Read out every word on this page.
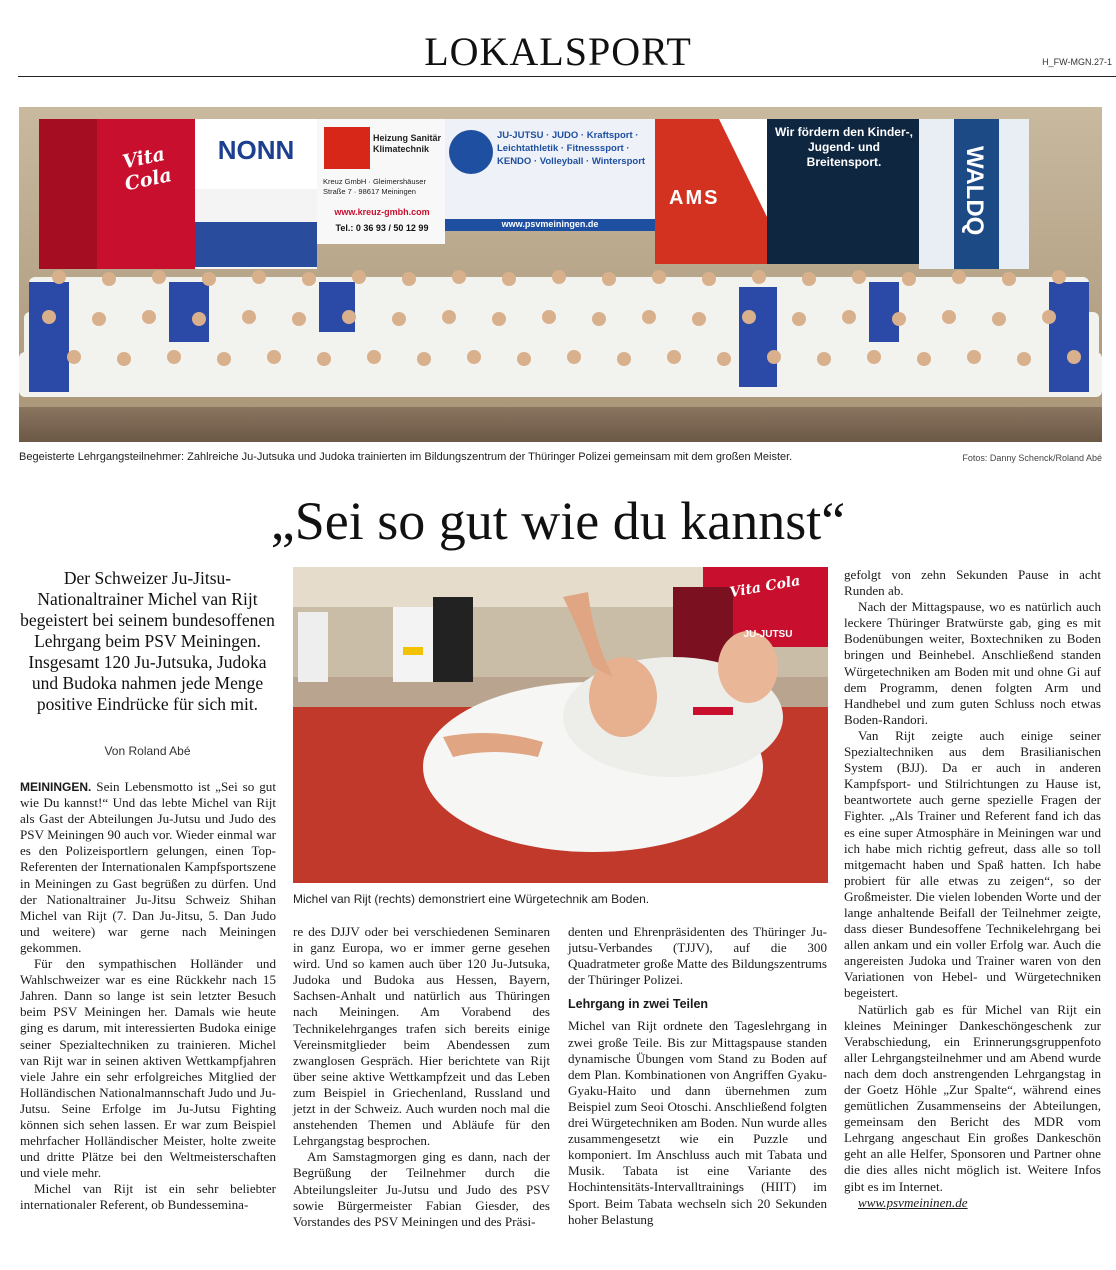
LOKALSPORT	H_FW-MGN.27-1
Vita Cola
NONN	Heizung Sanitär Klimatechnik
Kreuz GmbH · Gleimershäuser Straße 7 · 98617 Meiningen
www.kreuz-gmbh.com
Tel.: 0 36 93 / 50 12 99
JU-JUTSU · JUDO · Kraftsport · Leichtathletik · Fitnesssport · KENDO · Volleyball · Wintersport
www.psvmeiningen.de
AMS
Wir fördern den Kinder-, Jugend- und Breitensport.	WALDQ
Begeisterte Lehrgangsteilnehmer: Zahlreiche Ju-Jutsuka und Judoka trainierten im Bildungszentrum der Thüringer Polizei gemeinsam mit dem großen Meister.	Fotos: Danny Schenck/Roland Abé
„Sei so gut wie du kannst“
Der Schweizer Ju-Jitsu-Nationaltrainer Michel van Rijt begeistert bei seinem bundesoffenen Lehrgang beim PSV Meiningen. Insgesamt 120 Ju-Jutsuka, Judoka und Budoka nahmen jede Menge positive Eindrücke für sich mit.
Von Roland Abé

MEININGEN. Sein Lebensmotto ist „Sei so gut wie Du kannst!“ Und das lebte Michel van Rijt als Gast der Abteilungen Ju-Jutsu und Judo des PSV Meiningen 90 auch vor. Wieder einmal war es den Polizeisportlern gelungen, einen Top-Referenten der Internationalen Kampfsportszene in Meiningen zu Gast begrüßen zu dürfen. Und der Nationaltrainer Ju-Jitsu Schweiz Shihan Michel van Rijt (7. Dan Ju-Jitsu, 5. Dan Judo und weitere) war gerne nach Meiningen gekommen.

Für den sympathischen Holländer und Wahlschweizer war es eine Rückkehr nach 15 Jahren. Dann so lange ist sein letzter Besuch beim PSV Meiningen her. Damals wie heute ging es darum, mit interessierten Budoka einige seiner Spezialtechniken zu trainieren. Michel van Rijt war in seinen aktiven Wettkampfjahren viele Jahre ein sehr erfolgreiches Mitglied der Holländischen Nationalmannschaft Judo und Ju-Jutsu. Seine Erfolge im Ju-Jutsu Fighting können sich sehen lassen. Er war zum Beispiel mehrfacher Holländischer Meister, holte zweite und dritte Plätze bei den Weltmeisterschaften und viele mehr.

Michel van Rijt ist ein sehr beliebter internationaler Referent, ob Bundessemina-

Vita Cola
JU-JUTSU
Michel van Rijt (rechts) demonstriert eine Würgetechnik am Boden.

re des DJJV oder bei verschiedenen Seminaren in ganz Europa, wo er immer gerne gesehen wird. Und so kamen auch über 120 Ju-Jutsuka, Judoka und Budoka aus Hessen, Bayern, Sachsen-Anhalt und natürlich aus Thüringen nach Meiningen. Am Vorabend des Technikelehrganges trafen sich bereits einige Vereinsmitglieder beim Abendessen zum zwanglosen Gespräch. Hier berichtete van Rijt über seine aktive Wettkampfzeit und das Leben zum Beispiel in Griechenland, Russland und jetzt in der Schweiz. Auch wurden noch mal die anstehenden Themen und Abläufe für den Lehrgangstag besprochen.

Am Samstagmorgen ging es dann, nach der Begrüßung der Teilnehmer durch die Abteilungsleiter Ju-Jutsu und Judo des PSV sowie Bürgermeister Fabian Giesder, des Vorstandes des PSV Meiningen und des Präsi-

denten und Ehrenpräsidenten des Thüringer Ju-jutsu-Verbandes (TJJV), auf die 300 Quadratmeter große Matte des Bildungszentrums der Thüringer Polizei.

Lehrgang in zwei Teilen

Michel van Rijt ordnete den Tageslehrgang in zwei große Teile. Bis zur Mittagspause standen dynamische Übungen vom Stand zu Boden auf dem Plan. Kombinationen von Angriffen Gyaku-Gyaku-Haito und dann übernehmen zum Beispiel zum Seoi Otoschi. Anschließend folgten drei Würgetechniken am Boden. Nun wurde alles zusammengesetzt wie ein Puzzle und komponiert. Im Anschluss auch mit Tabata und Musik. Tabata ist eine Variante des Hochintensitäts-Intervalltrainings (HIIT) im Sport. Beim Tabata wechseln sich 20 Sekunden hoher Belastung

gefolgt von zehn Sekunden Pause in acht Runden ab.

Nach der Mittagspause, wo es natürlich auch leckere Thüringer Bratwürste gab, ging es mit Bodenübungen weiter, Boxtechniken zu Boden bringen und Beinhebel. Anschließend standen Würgetechniken am Boden mit und ohne Gi auf dem Programm, denen folgten Arm und Handhebel und zum guten Schluss noch etwas Boden-Randori.

Van Rijt zeigte auch einige seiner Spezialtechniken aus dem Brasilianischen System (BJJ). Da er auch in anderen Kampfsport- und Stilrichtungen zu Hause ist, beantwortete auch gerne spezielle Fragen der Fighter. „Als Trainer und Referent fand ich das es eine super Atmosphäre in Meiningen war und ich habe mich richtig gefreut, dass alle so toll mitgemacht haben und Spaß hatten. Ich habe probiert für alle etwas zu zeigen“, so der Großmeister. Die vielen lobenden Worte und der lange anhaltende Beifall der Teilnehmer zeigte, dass dieser Bundesoffene Technikelehrgang bei allen ankam und ein voller Erfolg war. Auch die angereisten Judoka und Trainer waren von den Variationen von Hebel- und Würgetechniken begeistert.

Natürlich gab es für Michel van Rijt ein kleines Meininger Dankeschöngeschenk zur Verabschiedung, ein Erinnerungsgruppenfoto aller Lehrgangsteilnehmer und am Abend wurde nach dem doch anstrengenden Lehrgangstag in der Goetz Höhle „Zur Spalte“, während eines gemütlichen Zusammenseins der Abteilungen, gemeinsam den Bericht des MDR vom Lehrgang angeschaut Ein großes Dankeschön geht an alle Helfer, Sponsoren und Partner ohne die dies alles nicht möglich ist. Weitere Infos gibt es im Internet.

www.psvmeininen.de
